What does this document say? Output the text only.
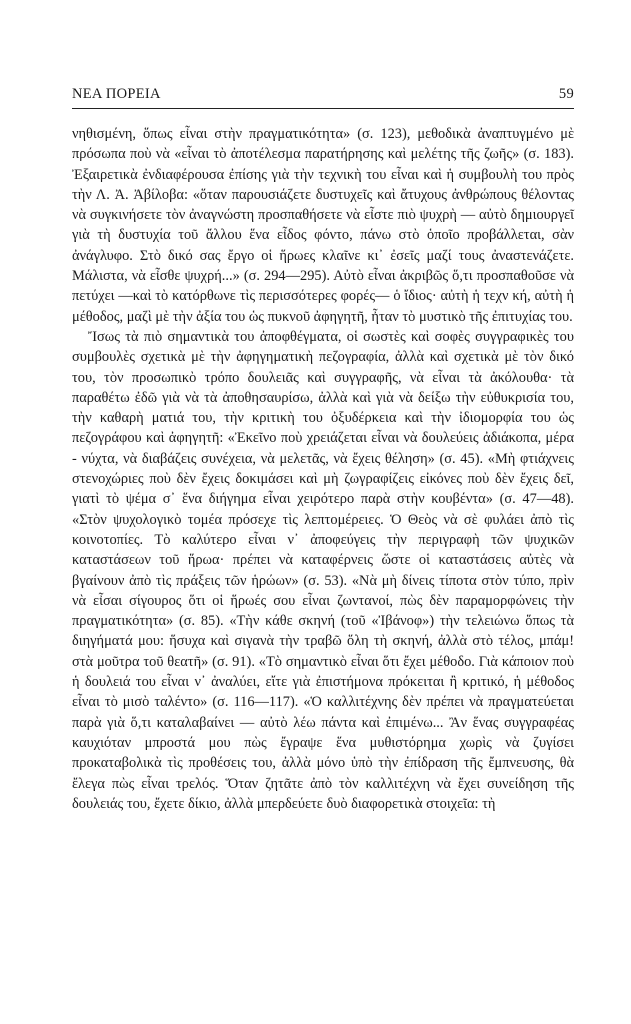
ΝΕΑ ΠΟΡΕΙΑ	59

νηθισμένη, ὅπως εἶναι στὴν πραγματικότητα» (σ. 123), μεθοδικὰ ἀναπτυγμένο μὲ πρόσωπα ποὺ νὰ «εἶναι τὸ ἀποτέλεσμα παρατήρησης καὶ μελέτης τῆς ζωῆς» (σ. 183). Ἐξαιρετικὰ ἐνδιαφέρουσα ἐπίσης γιὰ τὴν τεχνικὴ του εἶναι καὶ ἡ συμβουλὴ του πρὸς τὴν Λ. Ἀ. Ἀβίλοβα: «ὅταν παρουσιάζετε δυστυχεῖς καὶ ἄτυχους ἀνθρώπους θέλοντας νὰ συγκινήσετε τὸν ἀναγνώστη προσπαθήσετε νὰ εἶστε πιὸ ψυχρὴ — αὐτὸ δημιουργεῖ γιὰ τὴ δυστυχία τοῦ ἄλλου ἕνα εἶδος φόντο, πάνω στὸ ὁποῖο προβάλλεται, σὰν ἀνάγλυφο. Στὸ δικό σας ἔργο οἱ ἥρωες κλαῖνε κι᾽ ἐσεῖς μαζί τους ἀναστενάζετε. Μάλιστα, νὰ εἶσθε ψυχρή...» (σ. 294—295). Αὐτὸ εἶναι ἀκριβῶς ὅ,τι προσπαθοῦσε νὰ πετύχει —καὶ τὸ κατόρθωνε τὶς περισσότερες φορές— ὁ ἴδιος· αὐτὴ ἡ τεχν κή, αὐτὴ ἡ μέθοδος, μαζὶ μὲ τὴν ἀξία του ὡς πυκνοῦ ἀφηγητῆ, ἦταν τὸ μυστικὸ τῆς ἐπιτυχίας του.

Ἴσως τὰ πιὸ σημαντικὰ του ἀποφθέγματα, οἱ σωστὲς καὶ σοφὲς συγγραφικὲς του συμβουλὲς σχετικὰ μὲ τὴν ἀφηγηματικὴ πεζογραφία, ἀλλὰ καὶ σχετικὰ μὲ τὸν δικό του, τὸν προσωπικὸ τρόπο δουλειᾶς καὶ συγγραφῆς, νὰ εἶναι τὰ ἀκόλουθα· τὰ παραθέτω ἐδῶ γιὰ νὰ τὰ ἀποθησαυρίσω, ἀλλὰ καὶ γιὰ νὰ δείξω τὴν εὐθυκρισία του, τὴν καθαρὴ ματιά του, τὴν κριτικὴ του ὀξυδέρκεια καὶ τὴν ἰδιομορφία του ὡς πεζογράφου καὶ ἀφηγητῆ: «Ἐκεῖνο ποὺ χρειάζεται εἶναι νὰ δουλεύεις ἀδιάκοπα, μέρα - νύχτα, νὰ διαβάζεις συνέχεια, νὰ μελετᾶς, νὰ ἔχεις θέληση» (σ. 45). «Μὴ φτιάχνεις στενοχώριες ποὺ δὲν ἔχεις δοκιμάσει καὶ μὴ ζωγραφίζεις εἰκόνες ποὺ δὲν ἔχεις δεῖ, γιατὶ τὸ ψέμα σ᾽ ἕνα διήγημα εἶναι χειρότερο παρὰ στὴν κουβέντα» (σ. 47—48). «Στὸν ψυχολογικὸ τομέα πρόσεχε τὶς λεπτομέρειες. Ὁ Θεὸς νὰ σὲ φυλάει ἀπὸ τὶς κοινοτοπίες. Τὸ καλύτερο εἶναι ν᾽ ἀποφεύγεις τὴν περιγραφὴ τῶν ψυχικῶν καταστάσεων τοῦ ἥρωα· πρέπει νὰ καταφέρνεις ὥστε οἱ καταστάσεις αὐτὲς νὰ βγαίνουν ἀπὸ τὶς πράξεις τῶν ἡρώων» (σ. 53). «Νὰ μὴ δίνεις τίποτα στὸν τύπο, πρὶν νὰ εἶσαι σίγουρος ὅτι οἱ ἥρωές σου εἶναι ζωντανοί, πὼς δὲν παραμορφώνεις τὴν πραγματικότητα» (σ. 85). «Τὴν κάθε σκηνή (τοῦ «Ἰβάνοφ») τὴν τελειώνω ὅπως τὰ διηγήματά μου: ἥσυχα καὶ σιγανὰ τὴν τραβῶ ὅλη τὴ σκηνή, ἀλλὰ στὸ τέλος, μπάμ! στὰ μοῦτρα τοῦ θεατῆ» (σ. 91). «Τὸ σημαντικὸ εἶναι ὅτι ἔχει μέθοδο. Γιὰ κάποιον ποὺ ἡ δουλειά του εἶναι ν᾽ ἀναλύει, εἴτε γιὰ ἐπιστήμονα πρόκειται ἢ κριτικό, ἡ μέθοδος εἶναι τὸ μισὸ ταλέντο» (σ. 116—117). «Ὁ καλλιτέχνης δὲν πρέπει νὰ πραγματεύεται παρὰ γιὰ ὅ,τι καταλαβαίνει — αὐτὸ λέω πάντα καὶ ἐπιμένω... Ἂν ἕνας συγγραφέας καυχιόταν μπροστά μου πὼς ἔγραψε ἕνα μυθιστόρημα χωρὶς νὰ ζυγίσει προκαταβολικὰ τὶς προθέσεις του, ἀλλὰ μόνο ὑπὸ τὴν ἐπίδραση τῆς ἔμπνευσης, θὰ ἔλεγα πὼς εἶναι τρελός. Ὅταν ζητᾶτε ἀπὸ τὸν καλλιτέχνη νὰ ἔχει συνείδηση τῆς δουλειάς του, ἔχετε δίκιο, ἀλλὰ μπερδεύετε δυὸ διαφορετικὰ στοιχεῖα: τὴ
